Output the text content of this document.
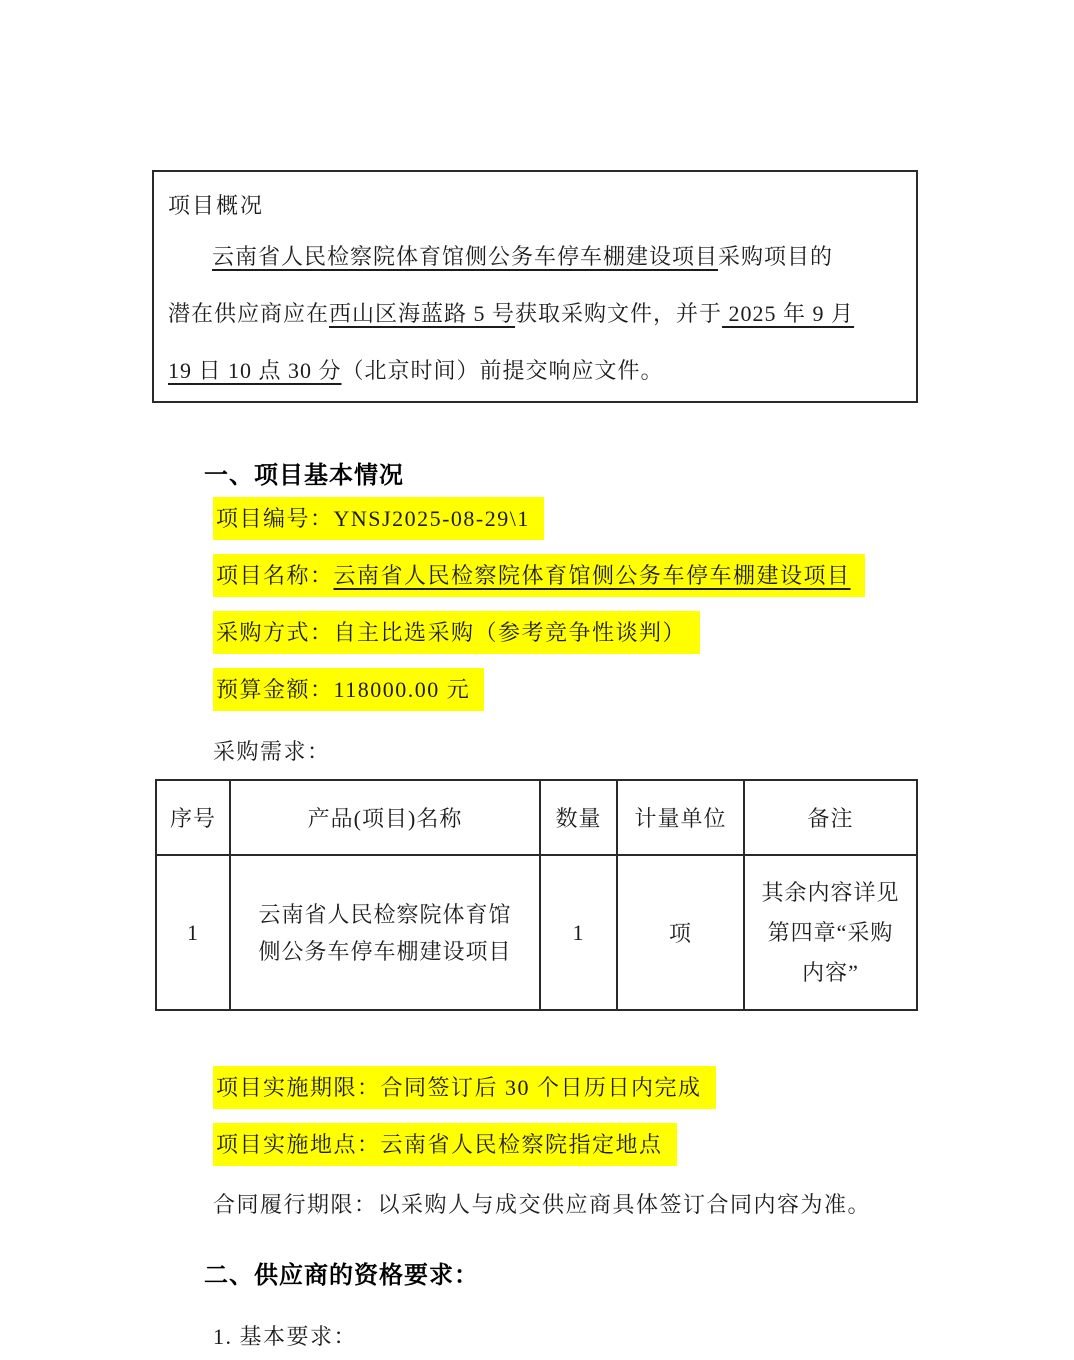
项目概况
云南省人民检察院体育馆侧公务车停车棚建设项目采购项目的
潜在供应商应在西山区海蓝路 5 号获取采购文件，并于 2025 年 9 月
19 日 10 点 30 分（北京时间）前提交响应文件。
一、项目基本情况
项目编号：YNSJ2025-08-29\1
项目名称：云南省人民检察院体育馆侧公务车停车棚建设项目
采购方式：自主比选采购（参考竞争性谈判）
预算金额：118000.00 元
采购需求：
序号	产品(项目)名称	数量	计量单位	备注
1	云南省人民检察院体育馆侧公务车停车棚建设项目	1	项	其余内容详见第四章“采购内容”
项目实施期限：合同签订后 30 个日历日内完成
项目实施地点：云南省人民检察院指定地点
合同履行期限：以采购人与成交供应商具体签订合同内容为准。
二、供应商的资格要求：
1. 基本要求：
